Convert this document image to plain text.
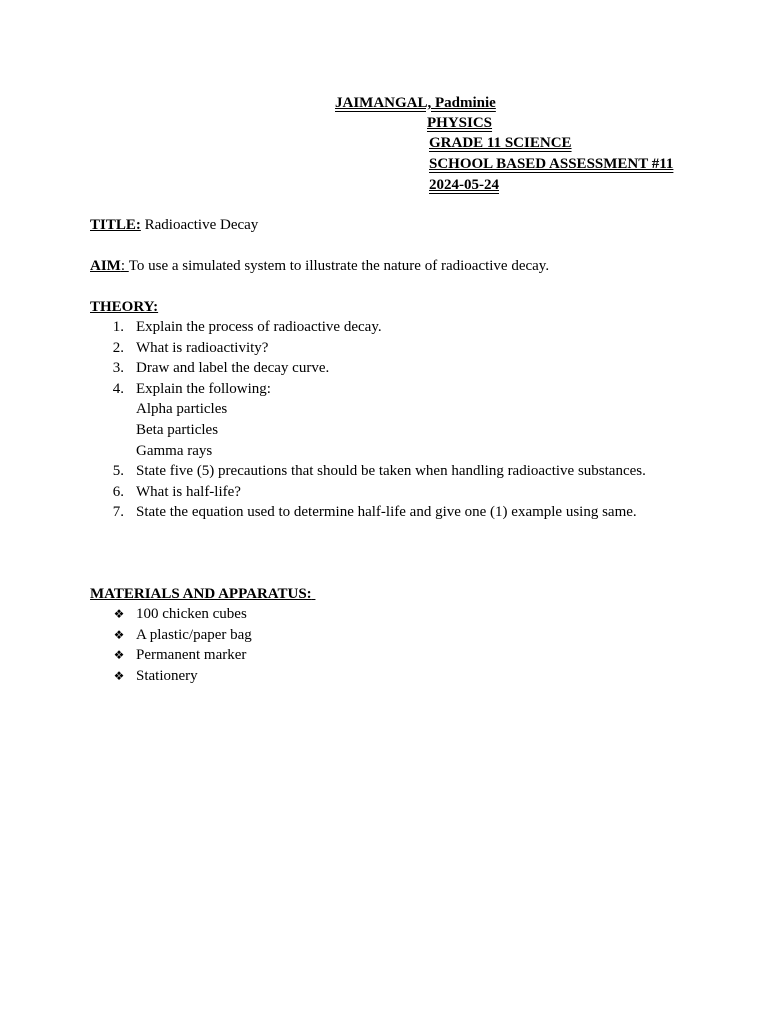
JAIMANGAL, Padminie
PHYSICS
GRADE 11 SCIENCE
SCHOOL BASED ASSESSMENT #11
2024-05-24
TITLE: Radioactive Decay
AIM: To use a simulated system to illustrate the nature of radioactive decay.
THEORY:
1. Explain the process of radioactive decay.
2. What is radioactivity?
3. Draw and label the decay curve.
4. Explain the following:
Alpha particles
Beta particles
Gamma rays
5. State five (5) precautions that should be taken when handling radioactive substances.
6. What is half-life?
7. State the equation used to determine half-life and give one (1) example using same.
MATERIALS AND APPARATUS:
❖ 100 chicken cubes
❖ A plastic/paper bag
❖ Permanent marker
❖ Stationery
